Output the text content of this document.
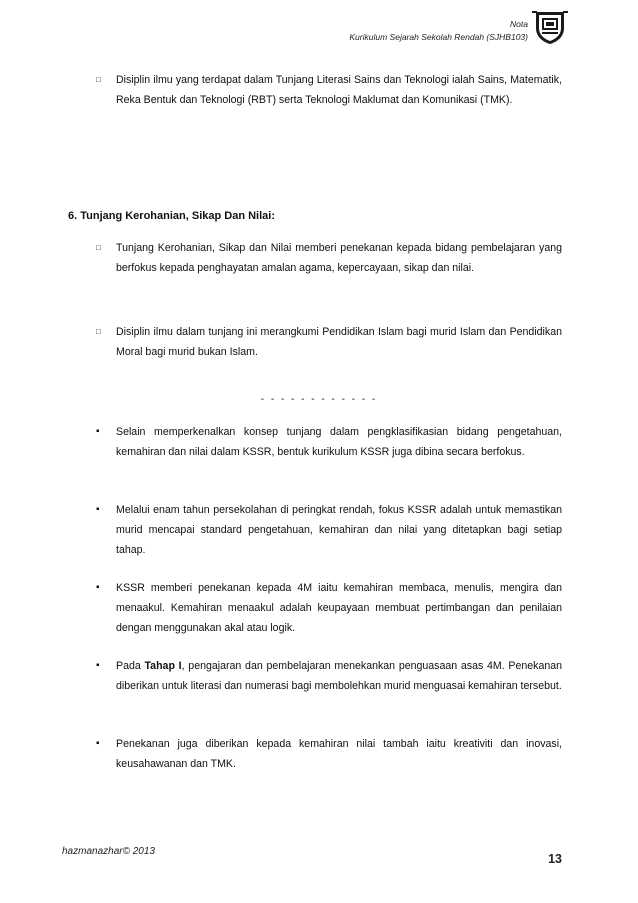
Nota
Kurikulum Sejarah Sekolah Rendah (SJHB103)
□ Disiplin ilmu yang terdapat dalam Tunjang Literasi Sains dan Teknologi ialah Sains, Matematik, Reka Bentuk dan Teknologi (RBT) serta Teknologi Maklumat dan Komunikasi (TMK).
6. Tunjang Kerohanian, Sikap Dan Nilai:
□ Tunjang Kerohanian, Sikap dan Nilai memberi penekanan kepada bidang pembelajaran yang berfokus kepada penghayatan amalan agama, kepercayaan, sikap dan nilai.
□ Disiplin ilmu dalam tunjang ini merangkumi Pendidikan Islam bagi murid Islam dan Pendidikan Moral bagi murid bukan Islam.
- - - - - - - - - - - -
▪ Selain memperkenalkan konsep tunjang dalam pengklasifikasian bidang pengetahuan, kemahiran dan nilai dalam KSSR, bentuk kurikulum KSSR juga dibina secara berfokus.
▪ Melalui enam tahun persekolahan di peringkat rendah, fokus KSSR adalah untuk memastikan murid mencapai standard pengetahuan, kemahiran dan nilai yang ditetapkan bagi setiap tahap.
▪ KSSR memberi penekanan kepada 4M iaitu kemahiran membaca, menulis, mengira dan menaakul. Kemahiran menaakul adalah keupayaan membuat pertimbangan dan penilaian dengan menggunakan akal atau logik.
▪ Pada Tahap I, pengajaran dan pembelajaran menekankan penguasaan asas 4M. Penekanan diberikan untuk literasi dan numerasi bagi membolehkan murid menguasai kemahiran tersebut.
▪ Penekanan juga diberikan kepada kemahiran nilai tambah iaitu kreativiti dan inovasi, keusahawanan dan TMK.
hazmanazhar© 2013
13
